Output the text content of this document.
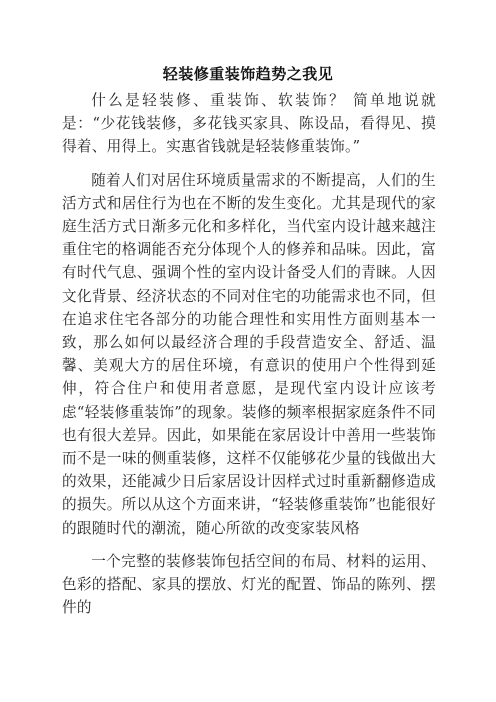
轻装修重装饰趋势之我见

什么是轻装修、重装饰、软装饰？ 简单地说就是：“少花钱装修，多花钱买家具、陈设品，看得见、摸得着、用得上。实惠省钱就是轻装修重装饰。”

随着人们对居住环境质量需求的不断提高，人们的生活方式和居住行为也在不断的发生变化。尤其是现代的家庭生活方式日渐多元化和多样化，当代室内设计越来越注重住宅的格调能否充分体现个人的修养和品味。因此，富有时代气息、强调个性的室内设计备受人们的青睐。人因文化背景、经济状态的不同对住宅的功能需求也不同，但在追求住宅各部分的功能合理性和实用性方面则基本一致，那么如何以最经济合理的手段营造安全、舒适、温馨、美观大方的居住环境，有意识的使用户个性得到延伸，符合住户和使用者意愿，是现代室内设计应该考虑“轻装修重装饰”的现象。装修的频率根据家庭条件不同也有很大差异。因此，如果能在家居设计中善用一些装饰而不是一味的侧重装修，这样不仅能够花少量的钱做出大的效果，还能减少日后家居设计因样式过时重新翻修造成的损失。所以从这个方面来讲，“轻装修重装饰”也能很好的跟随时代的潮流，随心所欲的改变家装风格

一个完整的装修装饰包括空间的布局、材料的运用、色彩的搭配、家具的摆放、灯光的配置、饰品的陈列、摆件的
